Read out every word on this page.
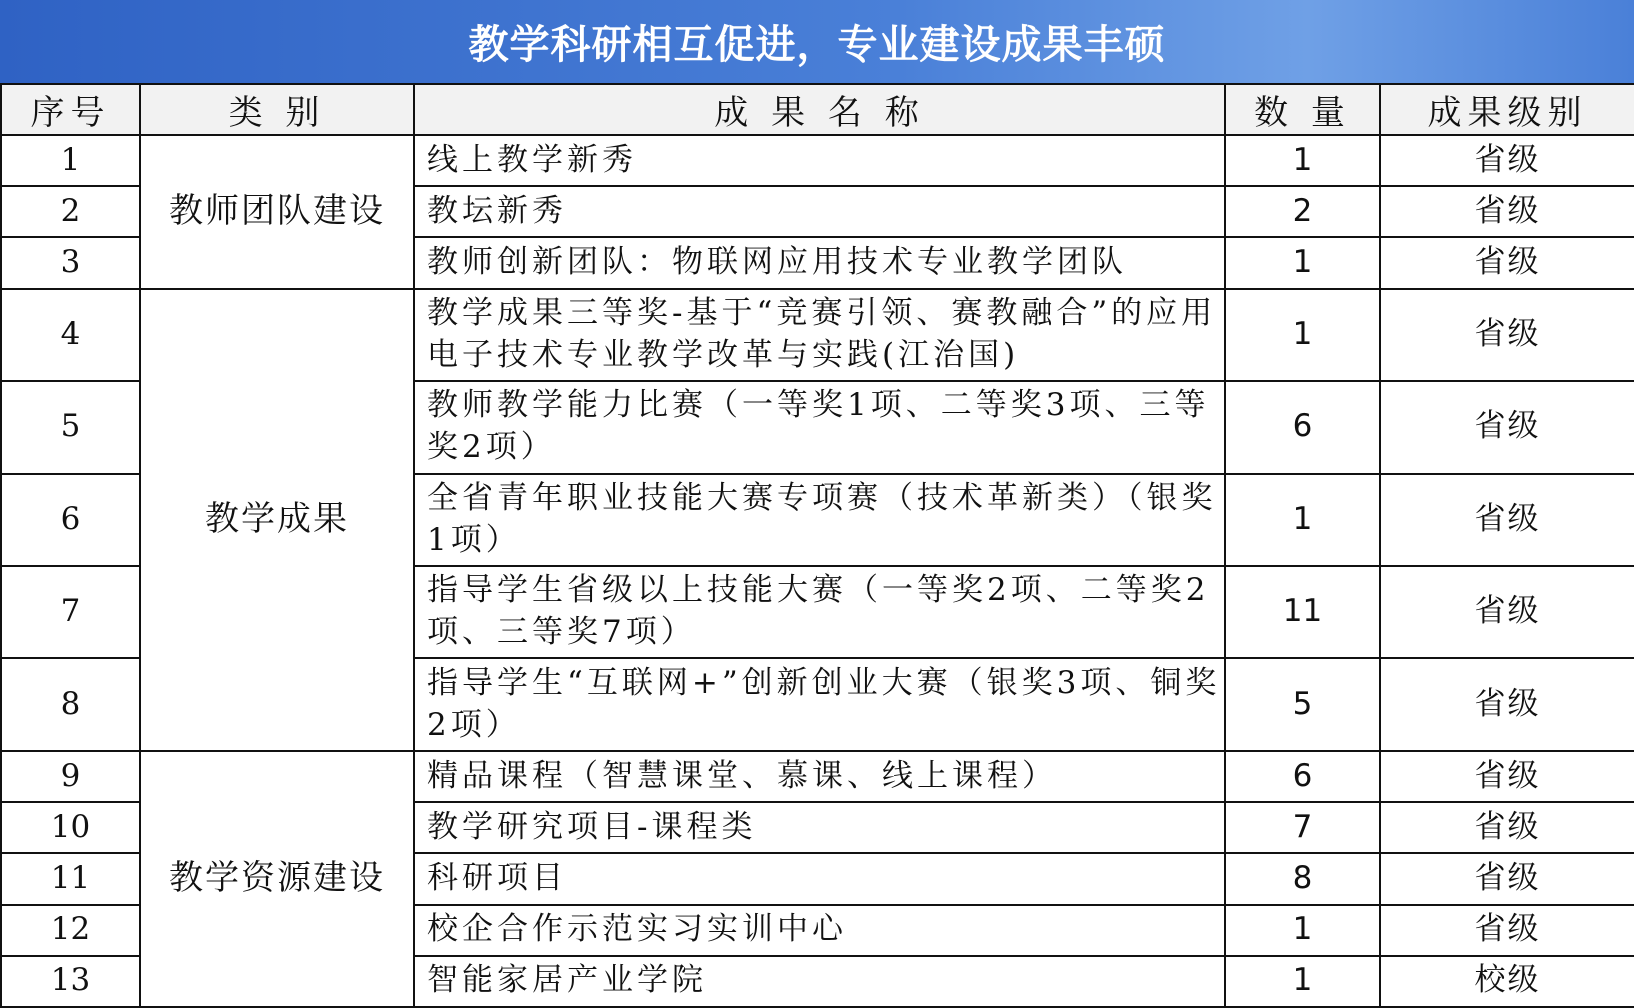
教学科研相互促进，专业建设成果丰硕
序号	类 别	成 果 名 称	数 量	成果级别
1	教师团队建设	线上教学新秀	1	省级
2		教坛新秀	2	省级
3		教师创新团队：物联网应用技术专业教学团队	1	省级
4	教学成果	教学成果三等奖-基于“竞赛引领、赛教融合”的应用电子技术专业教学改革与实践(江治国)	1	省级
5		教师教学能力比赛（一等奖1项、二等奖3项、三等奖2项）	6	省级
6		全省青年职业技能大赛专项赛（技术革新类）（银奖1项）	1	省级
7		指导学生省级以上技能大赛（一等奖2项、二等奖2项、三等奖7项）	11	省级
8		指导学生“互联网+”创新创业大赛（银奖3项、铜奖2项）	5	省级
9	教学资源建设	精品课程（智慧课堂、慕课、线上课程）	6	省级
10		教学研究项目-课程类	7	省级
11		科研项目	8	省级
12		校企合作示范实习实训中心	1	省级
13		智能家居产业学院	1	校级
